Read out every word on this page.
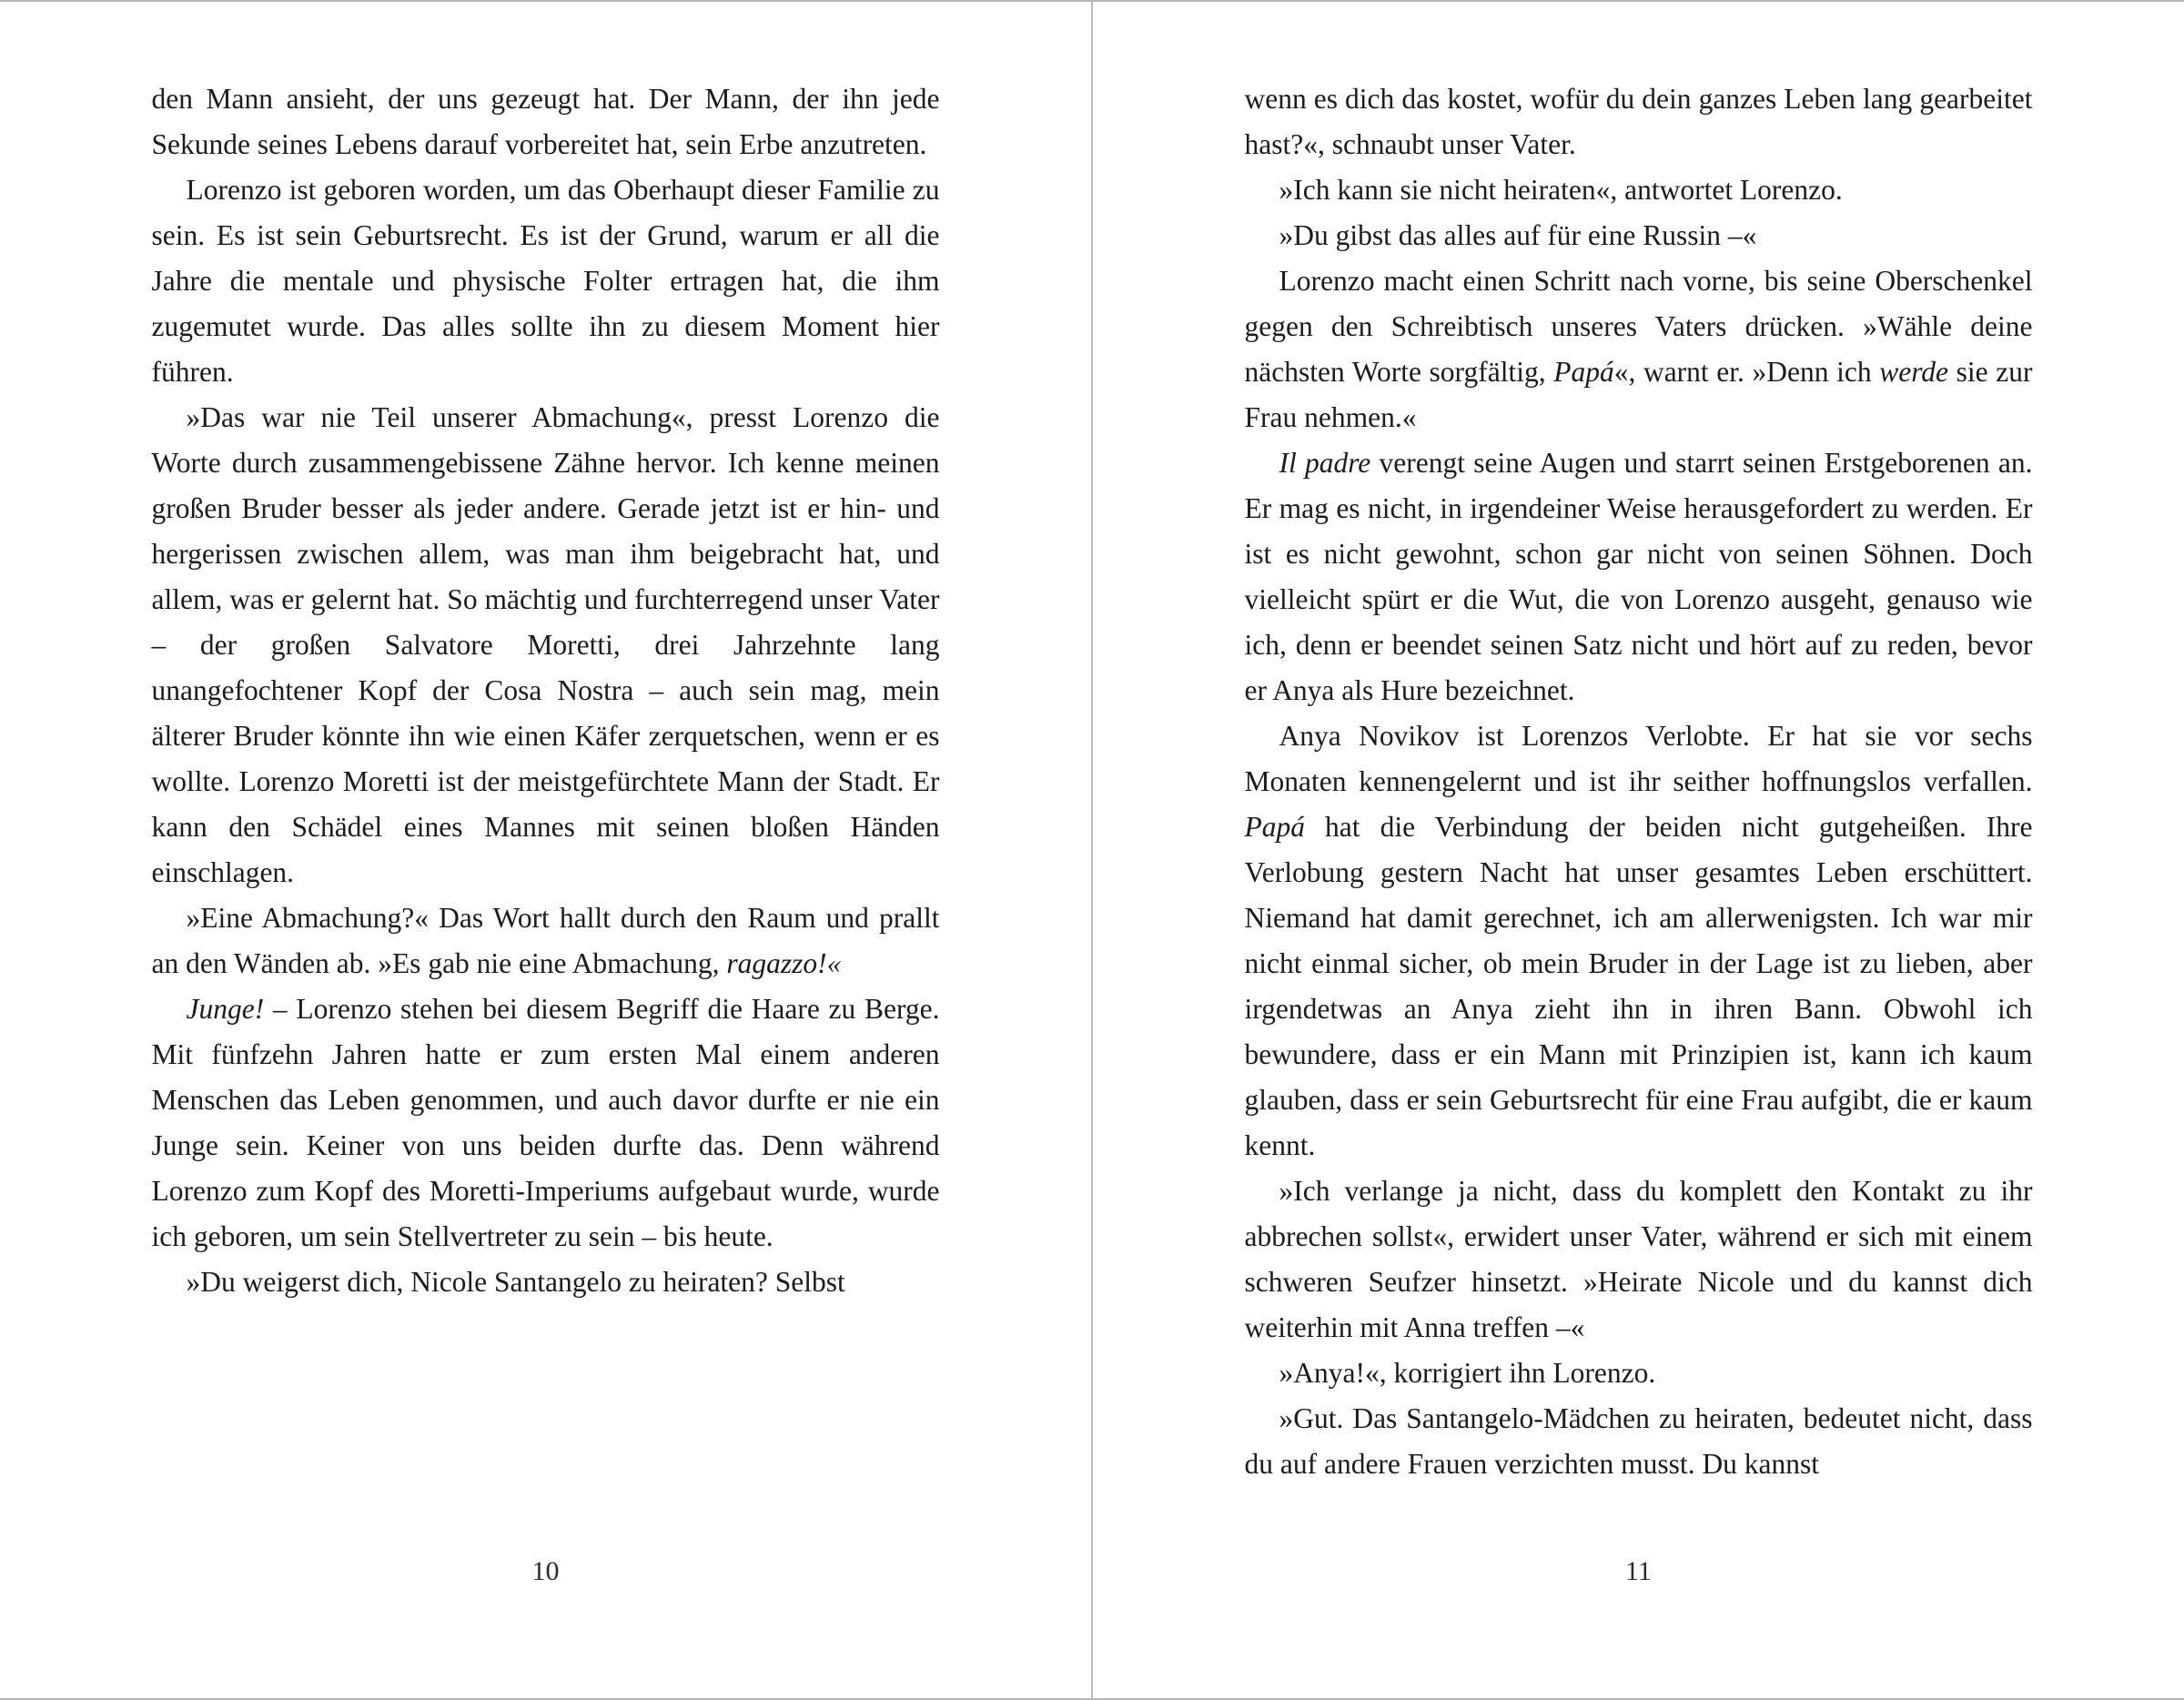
den Mann ansieht, der uns gezeugt hat. Der Mann, der ihn jede Sekunde seines Lebens darauf vorbereitet hat, sein Erbe anzutreten.

Lorenzo ist geboren worden, um das Oberhaupt dieser Familie zu sein. Es ist sein Geburtsrecht. Es ist der Grund, warum er all die Jahre die mentale und physische Folter ertragen hat, die ihm zugemutet wurde. Das alles sollte ihn zu diesem Moment hier führen.

»Das war nie Teil unserer Abmachung«, presst Lorenzo die Worte durch zusammengebissene Zähne hervor. Ich kenne meinen großen Bruder besser als jeder andere. Gerade jetzt ist er hin- und hergerissen zwischen allem, was man ihm beigebracht hat, und allem, was er gelernt hat. So mächtig und furchterregend unser Vater – der großen Salvatore Moretti, drei Jahrzehnte lang unangefochtener Kopf der Cosa Nostra – auch sein mag, mein älterer Bruder könnte ihn wie einen Käfer zerquetschen, wenn er es wollte. Lorenzo Moretti ist der meistgefürchtete Mann der Stadt. Er kann den Schädel eines Mannes mit seinen bloßen Händen einschlagen.

»Eine Abmachung?« Das Wort hallt durch den Raum und prallt an den Wänden ab. »Es gab nie eine Abmachung, ragazzo!«

Junge! – Lorenzo stehen bei diesem Begriff die Haare zu Berge. Mit fünfzehn Jahren hatte er zum ersten Mal einem anderen Menschen das Leben genommen, und auch davor durfte er nie ein Junge sein. Keiner von uns beiden durfte das. Denn während Lorenzo zum Kopf des Moretti-Imperiums aufgebaut wurde, wurde ich geboren, um sein Stellvertreter zu sein – bis heute.

»Du weigerst dich, Nicole Santangelo zu heiraten? Selbst

10

wenn es dich das kostet, wofür du dein ganzes Leben lang gearbeitet hast?«, schnaubt unser Vater.

»Ich kann sie nicht heiraten«, antwortet Lorenzo.

»Du gibst das alles auf für eine Russin –«

Lorenzo macht einen Schritt nach vorne, bis seine Oberschenkel gegen den Schreibtisch unseres Vaters drücken. »Wähle deine nächsten Worte sorgfältig, Papá«, warnt er. »Denn ich werde sie zur Frau nehmen.«

Il padre verengt seine Augen und starrt seinen Erstgeborenen an. Er mag es nicht, in irgendeiner Weise herausgefordert zu werden. Er ist es nicht gewohnt, schon gar nicht von seinen Söhnen. Doch vielleicht spürt er die Wut, die von Lorenzo ausgeht, genauso wie ich, denn er beendet seinen Satz nicht und hört auf zu reden, bevor er Anya als Hure bezeichnet.

Anya Novikov ist Lorenzos Verlobte. Er hat sie vor sechs Monaten kennengelernt und ist ihr seither hoffnungslos verfallen. Papá hat die Verbindung der beiden nicht gutgeheißen. Ihre Verlobung gestern Nacht hat unser gesamtes Leben erschüttert. Niemand hat damit gerechnet, ich am allerwenigsten. Ich war mir nicht einmal sicher, ob mein Bruder in der Lage ist zu lieben, aber irgendetwas an Anya zieht ihn in ihren Bann. Obwohl ich bewundere, dass er ein Mann mit Prinzipien ist, kann ich kaum glauben, dass er sein Geburtsrecht für eine Frau aufgibt, die er kaum kennt.

»Ich verlange ja nicht, dass du komplett den Kontakt zu ihr abbrechen sollst«, erwidert unser Vater, während er sich mit einem schweren Seufzer hinsetzt. »Heirate Nicole und du kannst dich weiterhin mit Anna treffen –«

»Anya!«, korrigiert ihn Lorenzo.

»Gut. Das Santangelo-Mädchen zu heiraten, bedeutet nicht, dass du auf andere Frauen verzichten musst. Du kannst

11
